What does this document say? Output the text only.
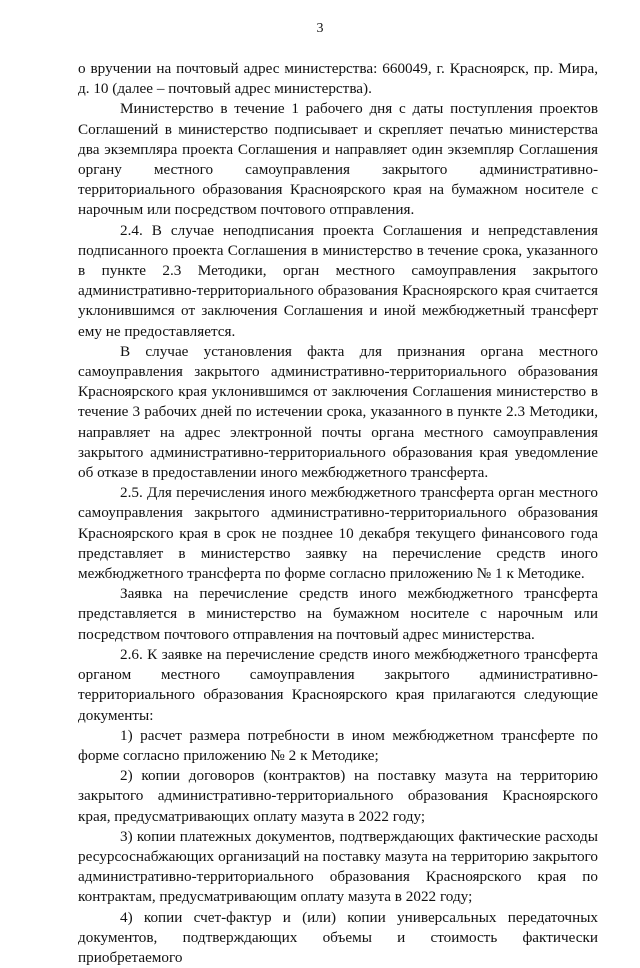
3

о вручении на почтовый адрес министерства: 660049, г. Красноярск, пр. Мира, д. 10 (далее – почтовый адрес министерства).

Министерство в течение 1 рабочего дня с даты поступления проектов Соглашений в министерство подписывает и скрепляет печатью министерства два экземпляра проекта Соглашения и направляет один экземпляр Соглашения органу местного самоуправления закрытого административно-территориального образования Красноярского края на бумажном носителе с нарочным или посредством почтового отправления.

2.4. В случае неподписания проекта Соглашения и непредставления подписанного проекта Соглашения в министерство в течение срока, указанного в пункте 2.3 Методики, орган местного самоуправления закрытого административно-территориального образования Красноярского края считается уклонившимся от заключения Соглашения и иной межбюджетный трансферт ему не предоставляется.

В случае установления факта для признания органа местного самоуправления закрытого административно-территориального образования Красноярского края уклонившимся от заключения Соглашения министерство в течение 3 рабочих дней по истечении срока, указанного в пункте 2.3 Методики, направляет на адрес электронной почты органа местного самоуправления закрытого административно-территориального образования края уведомление об отказе в предоставлении иного межбюджетного трансферта.

2.5. Для перечисления иного межбюджетного трансферта орган местного самоуправления закрытого административно-территориального образования Красноярского края в срок не позднее 10 декабря текущего финансового года представляет в министерство заявку на перечисление средств иного межбюджетного трансферта по форме согласно приложению № 1 к Методике.

Заявка на перечисление средств иного межбюджетного трансферта представляется в министерство на бумажном носителе с нарочным или посредством почтового отправления на почтовый адрес министерства.

2.6. К заявке на перечисление средств иного межбюджетного трансферта органом местного самоуправления закрытого административно-территориального образования Красноярского края прилагаются следующие документы:

1) расчет размера потребности в ином межбюджетном трансферте по форме согласно приложению № 2 к Методике;

2) копии договоров (контрактов) на поставку мазута на территорию закрытого административно-территориального образования Красноярского края, предусматривающих оплату мазута в 2022 году;

3) копии платежных документов, подтверждающих фактические расходы ресурсоснабжающих организаций на поставку мазута на территорию закрытого административно-территориального образования Красноярского края по контрактам, предусматривающим оплату мазута в 2022 году;

4) копии счет-фактур и (или) копии универсальных передаточных документов, подтверждающих объемы и стоимость фактически приобретаемого
